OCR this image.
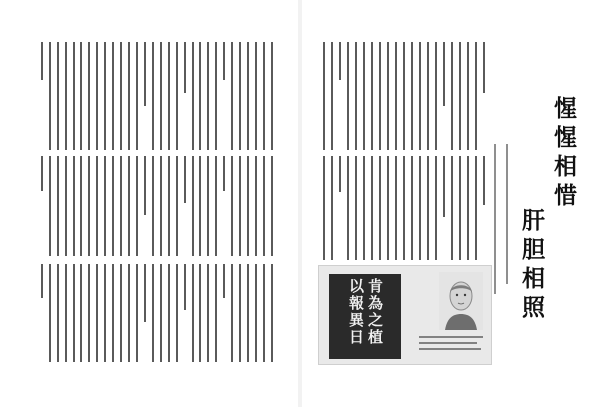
惺惺相惜
肝胆相照
肯為之植
以報異日
